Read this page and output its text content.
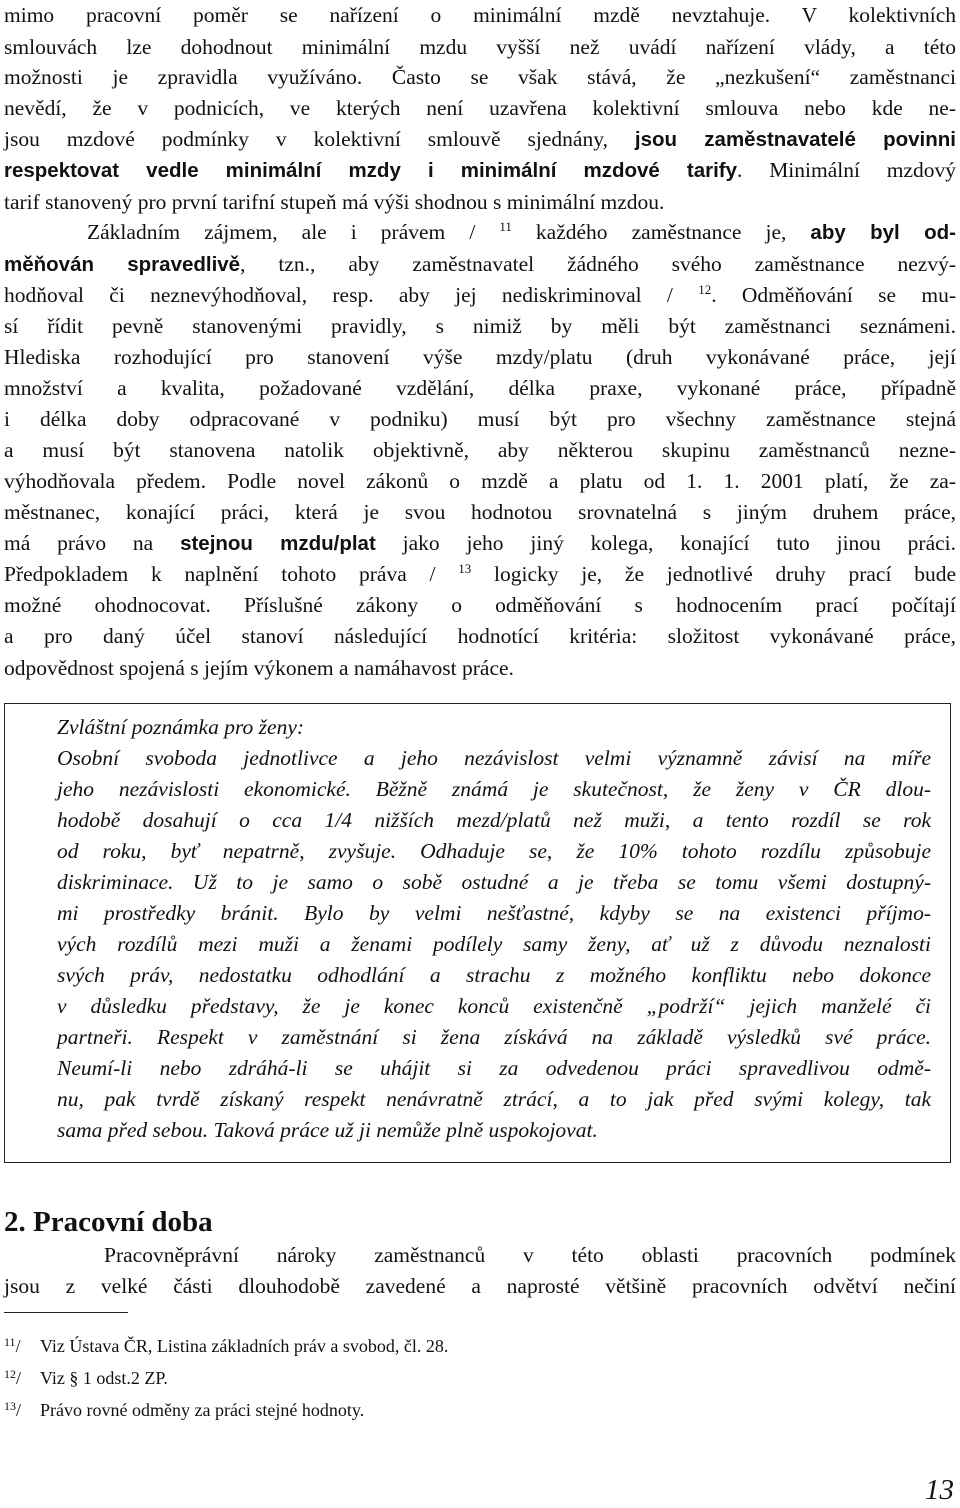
mimo pracovní poměr se nařízení o minimální mzdě nevztahuje. V kolektivních
smlouvách lze dohodnout minimální mzdu vyšší než uvádí nařízení vlády, a této
možnosti je zpravidla využíváno. Často se však stává, že „nezkušení“ zaměstnanci
nevědí, že v podnicích, ve kterých není uzavřena kolektivní smlouva nebo kde ne-
jsou mzdové podmínky v kolektivní smlouvě sjednány, jsou zaměstnavatelé povinni
respektovat vedle minimální mzdy i minimální mzdové tarify. Minimální mzdový
tarif stanovený pro první tarifní stupeň má výši shodnou s minimální mzdou.
Základním zájmem, ale i právem / $^{11}$ každého zaměstnance je, aby byl od-
měňován spravedlivě, tzn., aby zaměstnavatel žádného svého zaměstnance nezvý-
hodňoval či neznevýhodňoval, resp. aby jej nediskriminoval / $^{12}$. Odměňování se mu-
sí řídit pevně stanovenými pravidly, s nimiž by měli být zaměstnanci seznámeni.
Hlediska rozhodující pro stanovení výše mzdy/platu (druh vykonávané práce, její
množství a kvalita, požadované vzdělání, délka praxe, vykonané práce, případně
i délka doby odpracované v podniku) musí být pro všechny zaměstnance stejná
a musí být stanovena natolik objektivně, aby některou skupinu zaměstnanců nezne-
výhodňovala předem. Podle novel zákonů o mzdě a platu od 1. 1. 2001 platí, že za-
městnanec, konající práci, která je svou hodnotou srovnatelná s jiným druhem práce,
má právo na stejnou mzdu/plat jako jeho jiný kolega, konající tuto jinou práci.
Předpokladem k naplnění tohoto práva / $^{13}$ logicky je, že jednotlivé druhy prací bude
možné ohodnocovat. Příslušné zákony o odměňování s hodnocením prací počítají
a pro daný účel stanoví následující hodnotící kritéria: složitost vykonávané práce,
odpovědnost spojená s jejím výkonem a namáhavost práce.
Zvláštní poznámka pro ženy:
Osobní svoboda jednotlivce a jeho nezávislost velmi významně závisí na míře
jeho nezávislosti ekonomické. Běžně známá je skutečnost, že ženy v ČR dlou-
hodobě dosahují o cca 1/4 nižších mezd/platů než muži, a tento rozdíl se rok
od roku, byť nepatrně, zvyšuje. Odhaduje se, že 10% tohoto rozdílu způsobuje
diskriminace. Už to je samo o sobě ostudné a je třeba se tomu všemi dostupný-
mi prostředky bránit. Bylo by velmi nešťastné, kdyby se na existenci příjmo-
vých rozdílů mezi muži a ženami podílely samy ženy, ať už z důvodu neznalosti
svých práv, nedostatku odhodlání a strachu z možného konfliktu nebo dokonce
v důsledku představy, že je konec konců existenčně „podrží“ jejich manželé či
partneři. Respekt v zaměstnání si žena získává na základě výsledků své práce.
Neumí-li nebo zdráhá-li se uhájit si za odvedenou práci spravedlivou odmě-
nu, pak tvrdě získaný respekt nenávratně ztrácí, a to jak před svými kolegy, tak
sama před sebou. Taková práce už ji nemůže plně uspokojovat.
2. Pracovní doba
Pracovněprávní nároky zaměstnanců v této oblasti pracovních podmínek
jsou z velké části dlouhodobě zavedené a naprosté většině pracovních odvětví nečiní
$^{11}$/ Viz Ústava ČR, Listina základních práv a svobod, čl. 28.
$^{12}$/ Viz § 1 odst.2 ZP.
$^{13}$/ Právo rovné odměny za práci stejné hodnoty.
13
